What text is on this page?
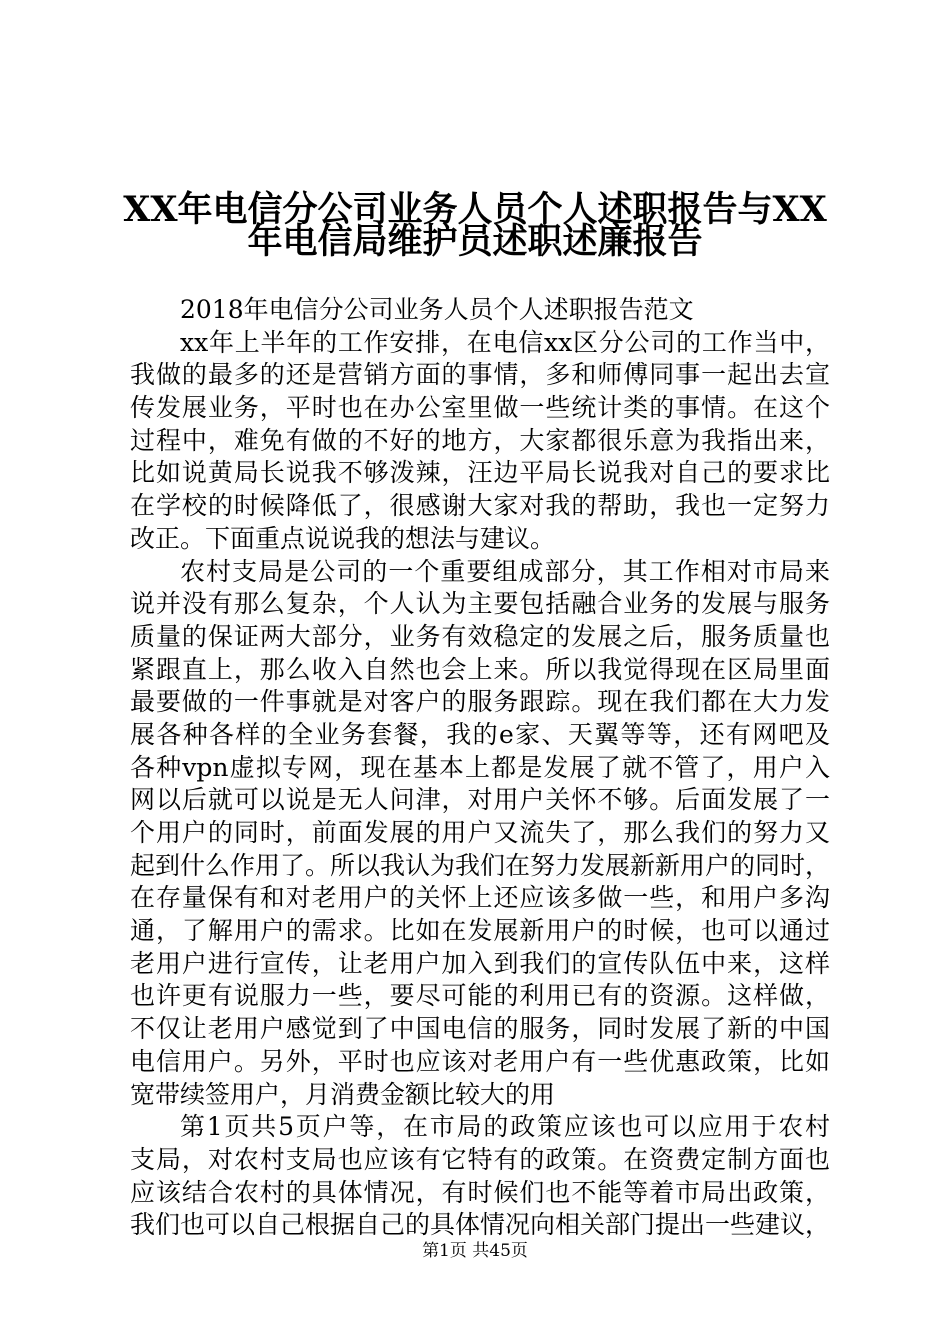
XX年电信分公司业务人员个人述职报告与XX
年电信局维护员述职述廉报告
2018年电信分公司业务人员个人述职报告范文
xx年上半年的工作安排，在电信xx区分公司的工作当中，
我做的最多的还是营销方面的事情，多和师傅同事一起出去宣
传发展业务，平时也在办公室里做一些统计类的事情。在这个
过程中，难免有做的不好的地方，大家都很乐意为我指出来，
比如说黄局长说我不够泼辣，汪边平局长说我对自己的要求比
在学校的时候降低了，很感谢大家对我的帮助，我也一定努力
改正。下面重点说说我的想法与建议。
农村支局是公司的一个重要组成部分，其工作相对市局来
说并没有那么复杂，个人认为主要包括融合业务的发展与服务
质量的保证两大部分，业务有效稳定的发展之后，服务质量也
紧跟直上，那么收入自然也会上来。所以我觉得现在区局里面
最要做的一件事就是对客户的服务跟踪。现在我们都在大力发
展各种各样的全业务套餐，我的e家、天翼等等，还有网吧及
各种vpn虚拟专网，现在基本上都是发展了就不管了，用户入
网以后就可以说是无人问津，对用户关怀不够。后面发展了一
个用户的同时，前面发展的用户又流失了，那么我们的努力又
起到什么作用了。所以我认为我们在努力发展新新用户的同时，
在存量保有和对老用户的关怀上还应该多做一些，和用户多沟
通，了解用户的需求。比如在发展新用户的时候，也可以通过
老用户进行宣传，让老用户加入到我们的宣传队伍中来，这样
也许更有说服力一些，要尽可能的利用已有的资源。这样做，
不仅让老用户感觉到了中国电信的服务，同时发展了新的中国
电信用户。另外，平时也应该对老用户有一些优惠政策，比如
宽带续签用户，月消费金额比较大的用
第1页共5页户等，在市局的政策应该也可以应用于农村
支局，对农村支局也应该有它特有的政策。在资费定制方面也
应该结合农村的具体情况，有时候们也不能等着市局出政策，
我们也可以自己根据自己的具体情况向相关部门提出一些建议，
第1页 共45页
